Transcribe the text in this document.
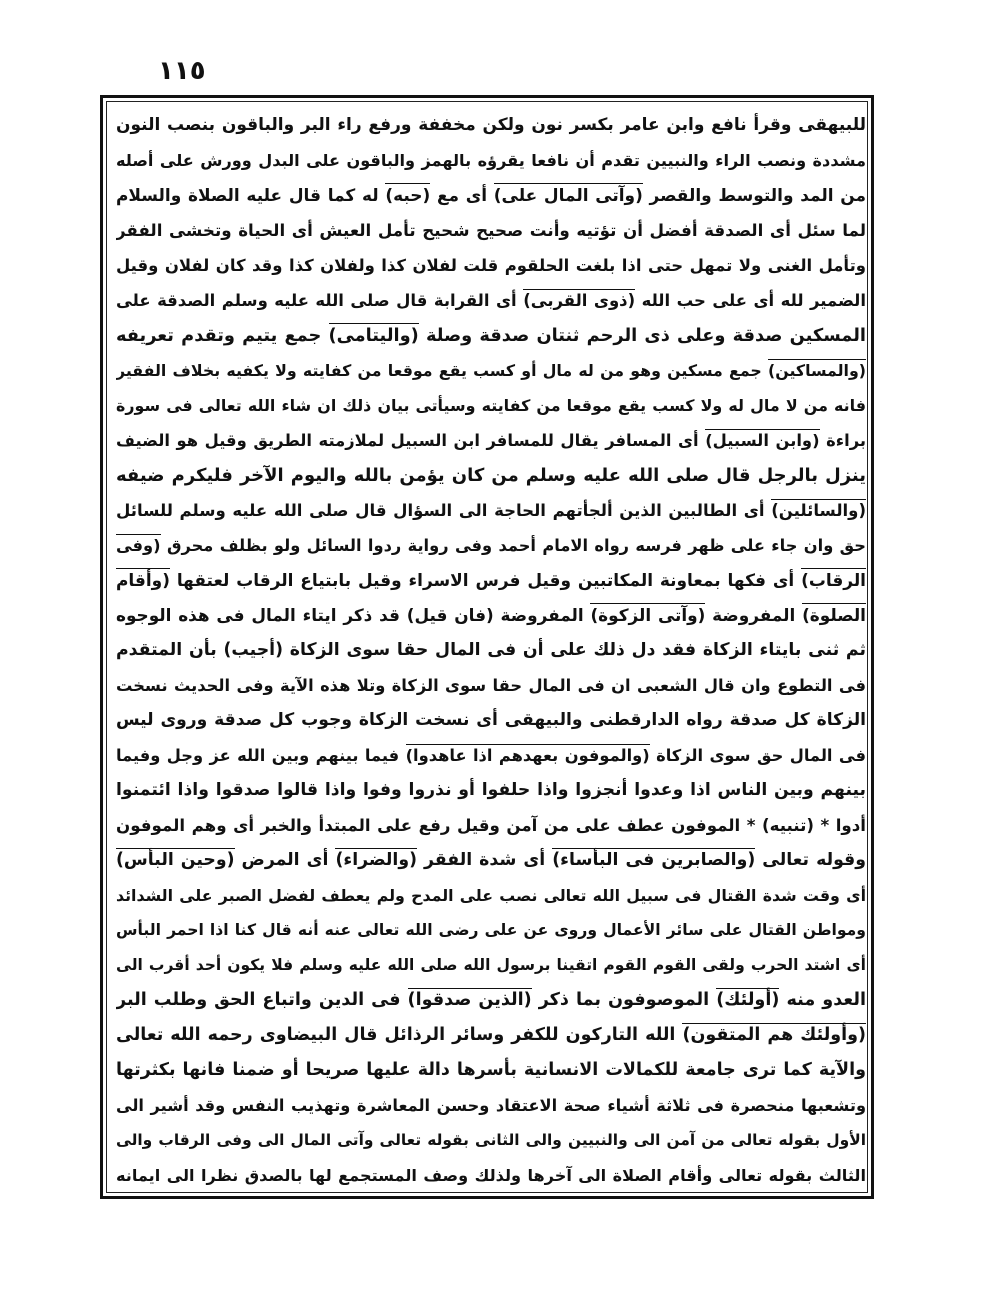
١١٥
للبيهقى وقرأ نافع وابن عامر بكسر نون ولكن مخففة ورفع راء البر والباقون بنصب النون
مشددة ونصب الراء والنبيين تقدم أن نافعا يقرؤه بالهمز والباقون على البدل وورش على أصله
من المد والتوسط والقصر (وآتى المال على) أى مع (حبه) له كما قال عليه الصلاة والسلام
لما سئل أى الصدقة أفضل أن تؤتيه وأنت صحيح شحيح تأمل العيش أى الحياة وتخشى الفقر
وتأمل الغنى ولا تمهل حتى اذا بلغت الحلقوم قلت لفلان كذا ولفلان كذا وقد كان لفلان وقيل
الضمير لله أى على حب الله (ذوى القربى) أى القرابة قال صلى الله عليه وسلم الصدقة على
المسكين صدقة وعلى ذى الرحم ثنتان صدقة وصلة (واليتامى) جمع يتيم وتقدم تعريفه
(والمساكين) جمع مسكين وهو من له مال أو كسب يقع موقعا من كفايته ولا يكفيه بخلاف الفقير
فانه من لا مال له ولا كسب يقع موقعا من كفايته وسيأتى بيان ذلك ان شاء الله تعالى فى سورة
براءة (وابن السبيل) أى المسافر يقال للمسافر ابن السبيل لملازمته الطريق وقيل هو الضيف
ينزل بالرجل قال صلى الله عليه وسلم من كان يؤمن بالله واليوم الآخر فليكرم ضيفه
(والسائلين) أى الطالبين الذين ألجأتهم الحاجة الى السؤال قال صلى الله عليه وسلم للسائل
حق وان جاء على ظهر فرسه رواه الامام أحمد وفى رواية ردوا السائل ولو بظلف محرق (وفى
الرقاب) أى فكها بمعاونة المكاتبين وقيل فرس الاسراء وقيل بابتياع الرقاب لعتقها (وأقام
الصلوة) المفروضة (وآتى الزكوة) المفروضة (فان قيل) قد ذكر ايتاء المال فى هذه الوجوه
ثم ثنى بايتاء الزكاة فقد دل ذلك على أن فى المال حقا سوى الزكاة (أجيب) بأن المتقدم
فى التطوع وان قال الشعبى ان فى المال حقا سوى الزكاة وتلا هذه الآية وفى الحديث نسخت
الزكاة كل صدقة رواه الدارقطنى والبيهقى أى نسخت الزكاة وجوب كل صدقة وروى ليس
فى المال حق سوى الزكاة (والموفون بعهدهم اذا عاهدوا) فيما بينهم وبين الله عز وجل وفيما
بينهم وبين الناس اذا وعدوا أنجزوا واذا حلفوا أو نذروا وفوا واذا قالوا صدقوا واذا ائتمنوا
أدوا * (تنبيه) * الموفون عطف على من آمن وقيل رفع على المبتدأ والخبر أى وهم الموفون
وقوله تعالى (والصابرين فى البأساء) أى شدة الفقر (والضراء) أى المرض (وحين البأس)
أى وقت شدة القتال فى سبيل الله تعالى نصب على المدح ولم يعطف لفضل الصبر على الشدائد
ومواطن القتال على سائر الأعمال وروى عن على رضى الله تعالى عنه أنه قال كنا اذا احمر البأس
أى اشتد الحرب ولقى القوم القوم اتقينا برسول الله صلى الله عليه وسلم فلا يكون أحد أقرب الى
العدو منه (أولئك) الموصوفون بما ذكر (الذين صدقوا) فى الدين واتباع الحق وطلب البر
(وأولئك هم المتقون) الله التاركون للكفر وسائر الرذائل قال البيضاوى رحمه الله تعالى
والآية كما ترى جامعة للكمالات الانسانية بأسرها دالة عليها صريحا أو ضمنا فانها بكثرتها
وتشعبها منحصرة فى ثلاثة أشياء صحة الاعتقاد وحسن المعاشرة وتهذيب النفس وقد أشير الى
الأول بقوله تعالى من آمن الى والنبيين والى الثانى بقوله تعالى وآتى المال الى وفى الرقاب والى
الثالث بقوله تعالى وأقام الصلاة الى آخرها ولذلك وصف المستجمع لها بالصدق نظرا الى ايمانه
